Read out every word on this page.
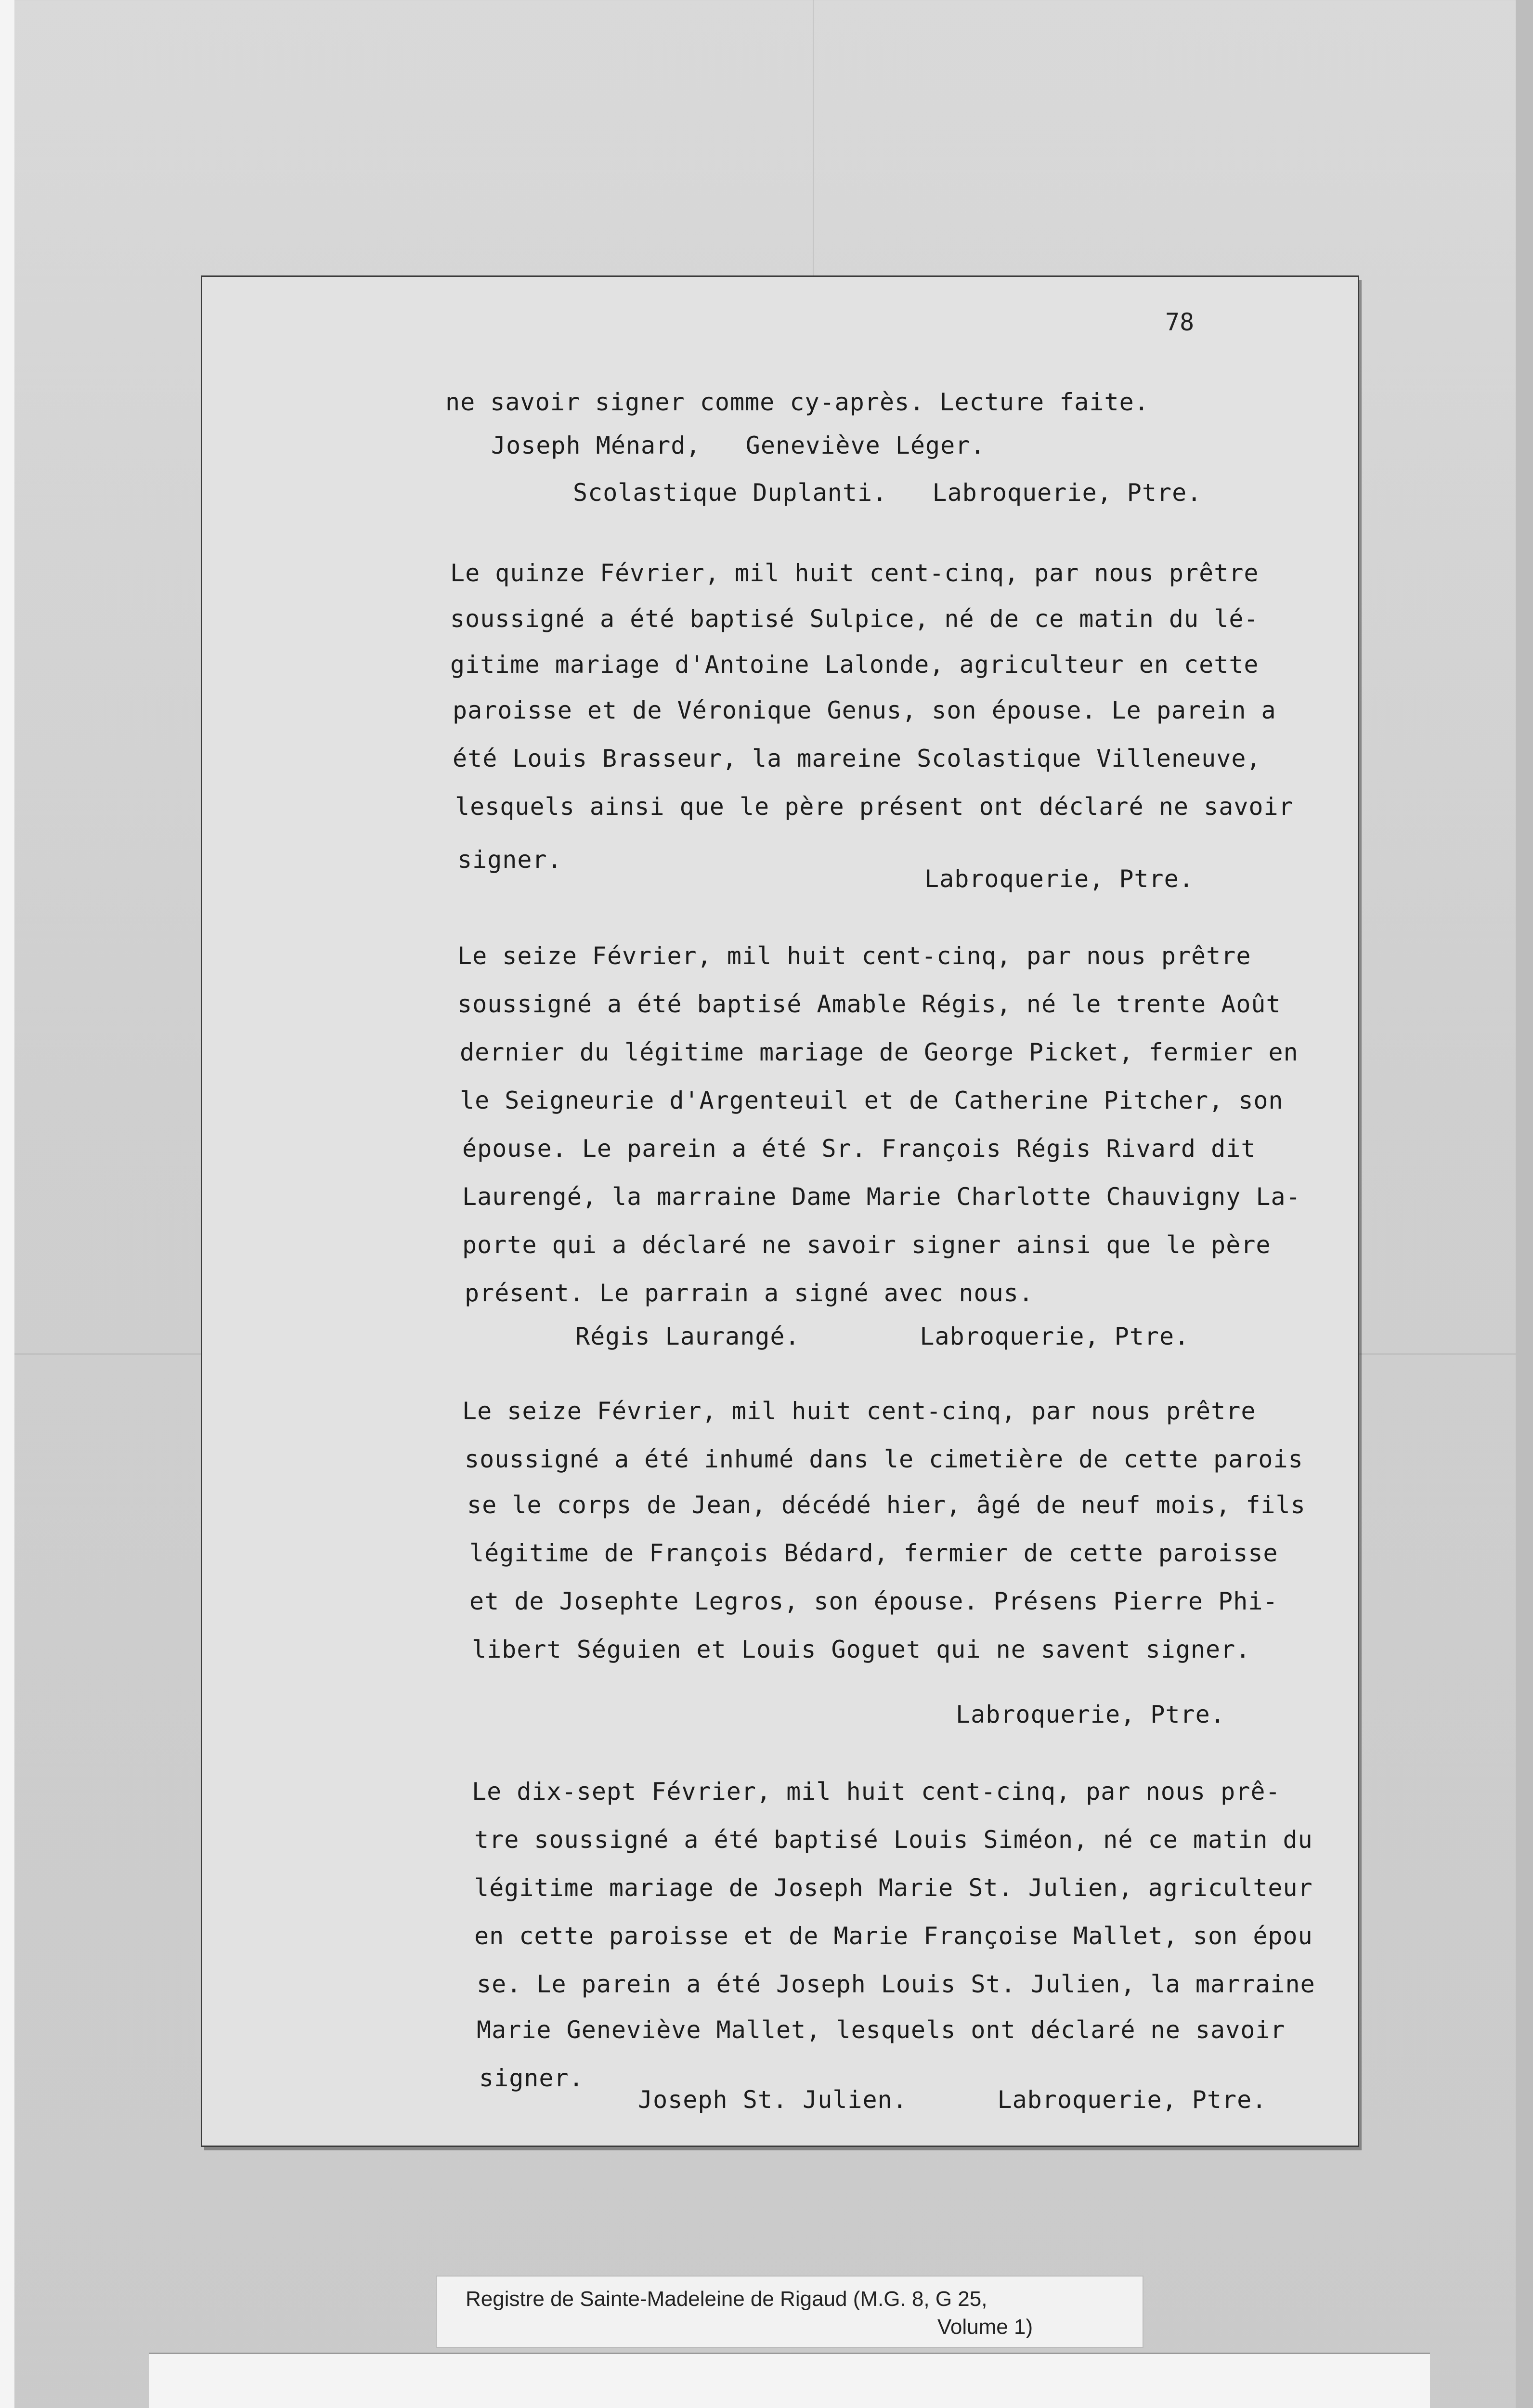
78
ne savoir signer comme cy-après. Lecture faite.
Joseph Ménard,   Geneviève Léger.
Scolastique Duplanti.   Labroquerie, Ptre.
Le quinze Février, mil huit cent-cinq, par nous prêtre
soussigné a été baptisé Sulpice, né de ce matin du lé-
gitime mariage d'Antoine Lalonde, agriculteur en cette
paroisse et de Véronique Genus, son épouse. Le parein a
été Louis Brasseur, la mareine Scolastique Villeneuve,
lesquels ainsi que le père présent ont déclaré ne savoir
signer.
Labroquerie, Ptre.
Le seize Février, mil huit cent-cinq, par nous prêtre
soussigné a été baptisé Amable Régis, né le trente Août
dernier du légitime mariage de George Picket, fermier en
le Seigneurie d'Argenteuil et de Catherine Pitcher, son
épouse. Le parein a été Sr. François Régis Rivard dit
Laurengé, la marraine Dame Marie Charlotte Chauvigny La-
porte qui a déclaré ne savoir signer ainsi que le père
présent. Le parrain a signé avec nous.
Régis Laurangé.        Labroquerie, Ptre.
Le seize Février, mil huit cent-cinq, par nous prêtre
soussigné a été inhumé dans le cimetière de cette parois
se le corps de Jean, décédé hier, âgé de neuf mois, fils
légitime de François Bédard, fermier de cette paroisse
et de Josephte Legros, son épouse. Présens Pierre Phi-
libert Séguien et Louis Goguet qui ne savent signer.
Labroquerie, Ptre.
Le dix-sept Février, mil huit cent-cinq, par nous prê-
tre soussigné a été baptisé Louis Siméon, né ce matin du
légitime mariage de Joseph Marie St. Julien, agriculteur
en cette paroisse et de Marie Françoise Mallet, son épou
se. Le parein a été Joseph Louis St. Julien, la marraine
Marie Geneviève Mallet, lesquels ont déclaré ne savoir
signer.
Joseph St. Julien.      Labroquerie, Ptre.
Registre de Sainte-Madeleine de Rigaud (M.G. 8, G 25,
Volume 1)
